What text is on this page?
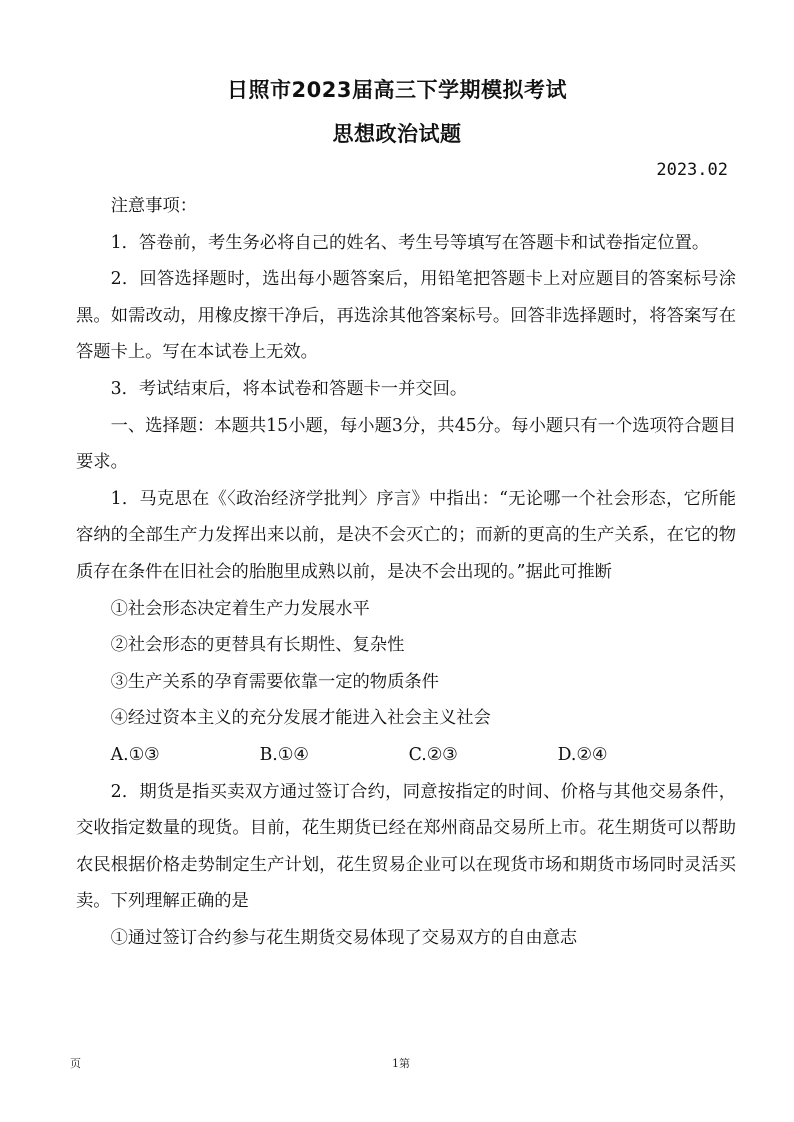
日照市2023届高三下学期模拟考试
思想政治试题
2023.02

注意事项：

1．答卷前，考生务必将自己的姓名、考生号等填写在答题卡和试卷指定位置。

2．回答选择题时，选出每小题答案后，用铅笔把答题卡上对应题目的答案标号涂黑。如需改动，用橡皮擦干净后，再选涂其他答案标号。回答非选择题时，将答案写在答题卡上。写在本试卷上无效。

3．考试结束后，将本试卷和答题卡一并交回。

一、选择题：本题共15小题，每小题3分，共45分。每小题只有一个选项符合题目要求。

1．马克思在《〈政治经济学批判〉序言》中指出：“无论哪一个社会形态，它所能容纳的全部生产力发挥出来以前，是决不会灭亡的；而新的更高的生产关系，在它的物质存在条件在旧社会的胎胞里成熟以前，是决不会出现的。”据此可推断

①社会形态决定着生产力发展水平

②社会形态的更替具有长期性、复杂性

③生产关系的孕育需要依靠一定的物质条件

④经过资本主义的充分发展才能进入社会主义社会

A.①③	B.①④	C.②③	D.②④

2．期货是指买卖双方通过签订合约，同意按指定的时间、价格与其他交易条件，交收指定数量的现货。目前，花生期货已经在郑州商品交易所上市。花生期货可以帮助农民根据价格走势制定生产计划，花生贸易企业可以在现货市场和期货市场同时灵活买卖。下列理解正确的是

①通过签订合约参与花生期货交易体现了交易双方的自由意志

页	1第
